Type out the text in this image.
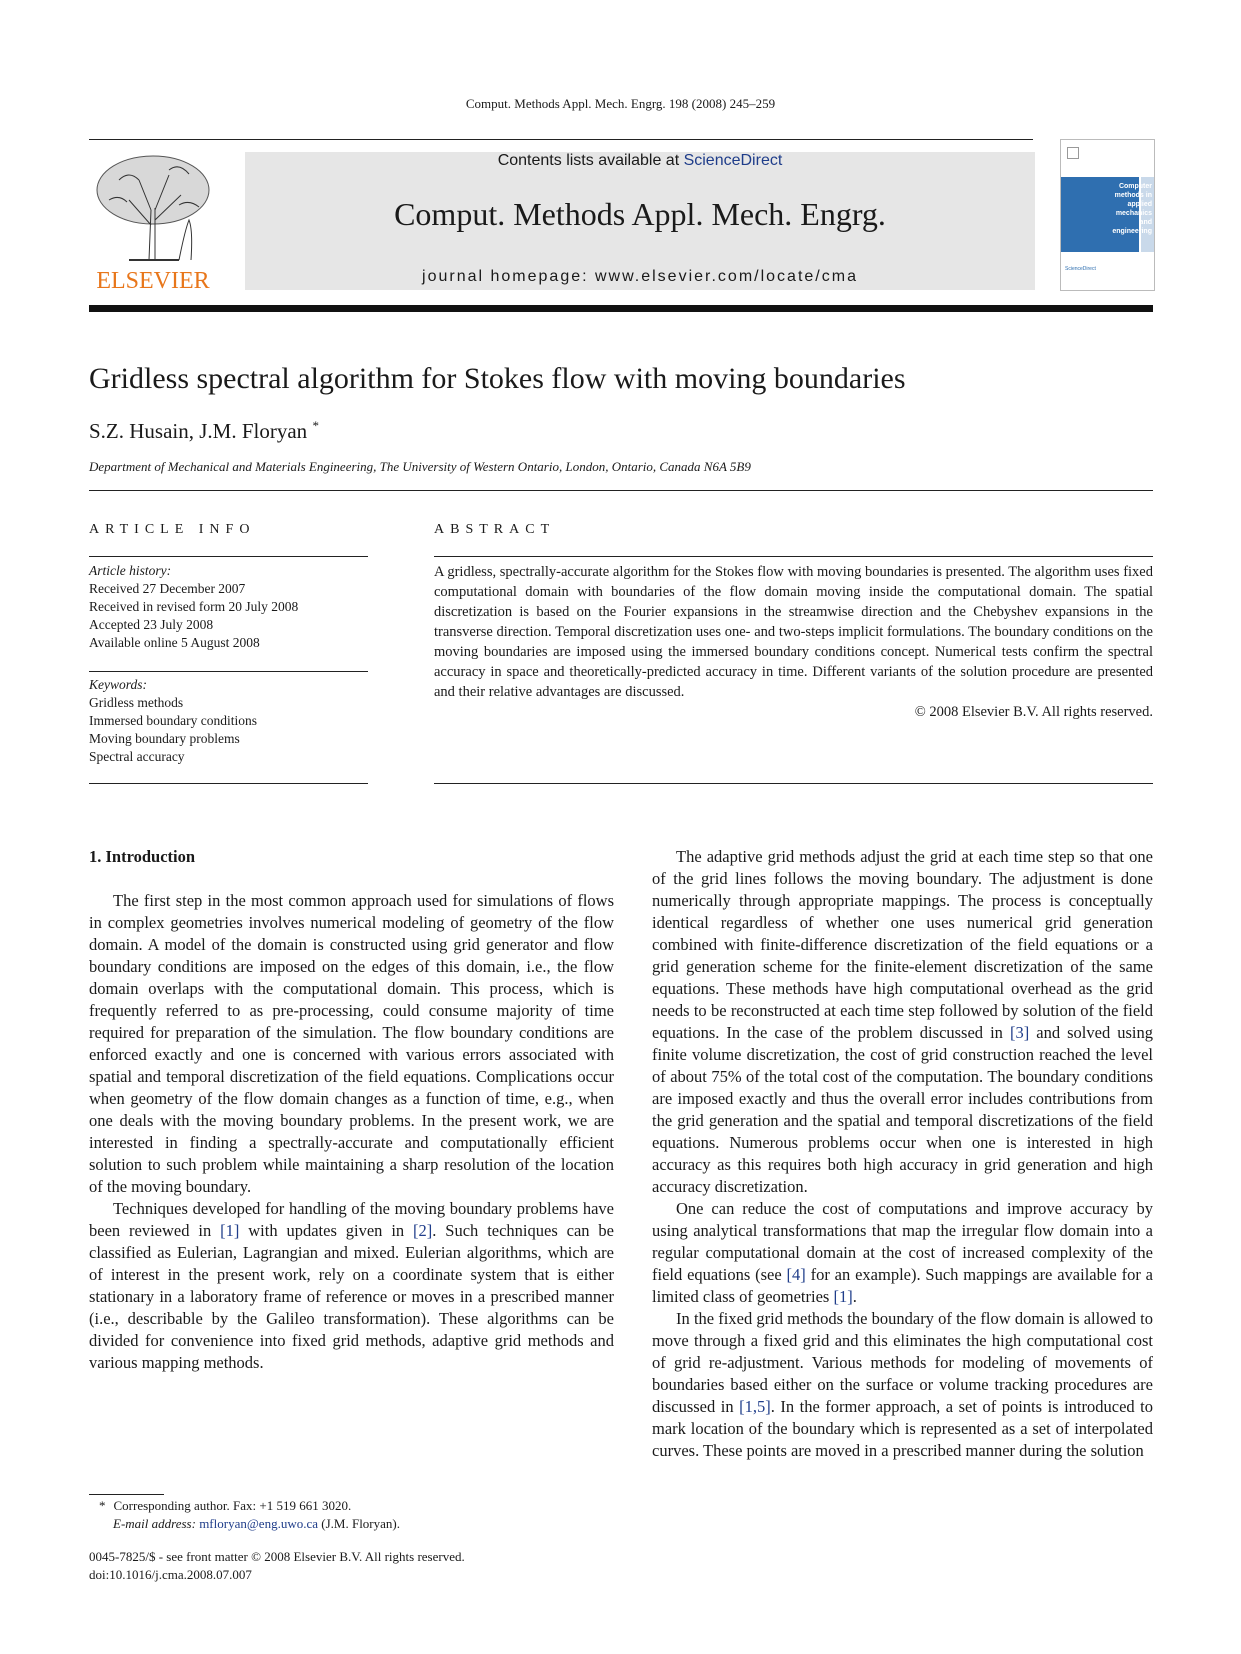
Comput. Methods Appl. Mech. Engrg. 198 (2008) 245–259
ELSEVIER
Contents lists available at ScienceDirect
Comput. Methods Appl. Mech. Engrg.
journal homepage: www.elsevier.com/locate/cma
Computer
methods in
applied
mechanics
and
engineering
ScienceDirect
Gridless spectral algorithm for Stokes flow with moving boundaries
S.Z. Husain, J.M. Floryan *
Department of Mechanical and Materials Engineering, The University of Western Ontario, London, Ontario, Canada N6A 5B9
ARTICLE INFO
Article history:
Received 27 December 2007
Received in revised form 20 July 2008
Accepted 23 July 2008
Available online 5 August 2008
Keywords:
Gridless methods
Immersed boundary conditions
Moving boundary problems
Spectral accuracy
ABSTRACT
A gridless, spectrally-accurate algorithm for the Stokes flow with moving boundaries is presented. The algorithm uses fixed computational domain with boundaries of the flow domain moving inside the computational domain. The spatial discretization is based on the Fourier expansions in the streamwise direction and the Chebyshev expansions in the transverse direction. Temporal discretization uses one- and two-steps implicit formulations. The boundary conditions on the moving boundaries are imposed using the immersed boundary conditions concept. Numerical tests confirm the spectral accuracy in space and theoretically-predicted accuracy in time. Different variants of the solution procedure are presented and their relative advantages are discussed.
© 2008 Elsevier B.V. All rights reserved.
1. Introduction

The first step in the most common approach used for simulations of flows in complex geometries involves numerical modeling of geometry of the flow domain. A model of the domain is constructed using grid generator and flow boundary conditions are imposed on the edges of this domain, i.e., the flow domain overlaps with the computational domain. This process, which is frequently referred to as pre-processing, could consume majority of time required for preparation of the simulation. The flow boundary conditions are enforced exactly and one is concerned with various errors associated with spatial and temporal discretization of the field equations. Complications occur when geometry of the flow domain changes as a function of time, e.g., when one deals with the moving boundary problems. In the present work, we are interested in finding a spectrally-accurate and computationally efficient solution to such problem while maintaining a sharp resolution of the location of the moving boundary.

Techniques developed for handling of the moving boundary problems have been reviewed in [1] with updates given in [2]. Such techniques can be classified as Eulerian, Lagrangian and mixed. Eulerian algorithms, which are of interest in the present work, rely on a coordinate system that is either stationary in a laboratory frame of reference or moves in a prescribed manner (i.e., describable by the Galileo transformation). These algorithms can be divided for convenience into fixed grid methods, adaptive grid methods and various mapping methods.

The adaptive grid methods adjust the grid at each time step so that one of the grid lines follows the moving boundary. The adjustment is done numerically through appropriate mappings. The process is conceptually identical regardless of whether one uses numerical grid generation combined with finite-difference discretization of the field equations or a grid generation scheme for the finite-element discretization of the same equations. These methods have high computational overhead as the grid needs to be reconstructed at each time step followed by solution of the field equations. In the case of the problem discussed in [3] and solved using finite volume discretization, the cost of grid construction reached the level of about 75% of the total cost of the computation. The boundary conditions are imposed exactly and thus the overall error includes contributions from the grid generation and the spatial and temporal discretizations of the field equations. Numerous problems occur when one is interested in high accuracy as this requires both high accuracy in grid generation and high accuracy discretization.

One can reduce the cost of computations and improve accuracy by using analytical transformations that map the irregular flow domain into a regular computational domain at the cost of increased complexity of the field equations (see [4] for an example). Such mappings are available for a limited class of geometries [1].

In the fixed grid methods the boundary of the flow domain is allowed to move through a fixed grid and this eliminates the high computational cost of grid re-adjustment. Various methods for modeling of movements of boundaries based either on the surface or volume tracking procedures are discussed in [1,5]. In the former approach, a set of points is introduced to mark location of the boundary which is represented as a set of interpolated curves. These points are moved in a prescribed manner during the solution

* Corresponding author. Fax: +1 519 661 3020.
E-mail address: mfloryan@eng.uwo.ca (J.M. Floryan).
0045-7825/$ - see front matter © 2008 Elsevier B.V. All rights reserved.
doi:10.1016/j.cma.2008.07.007
